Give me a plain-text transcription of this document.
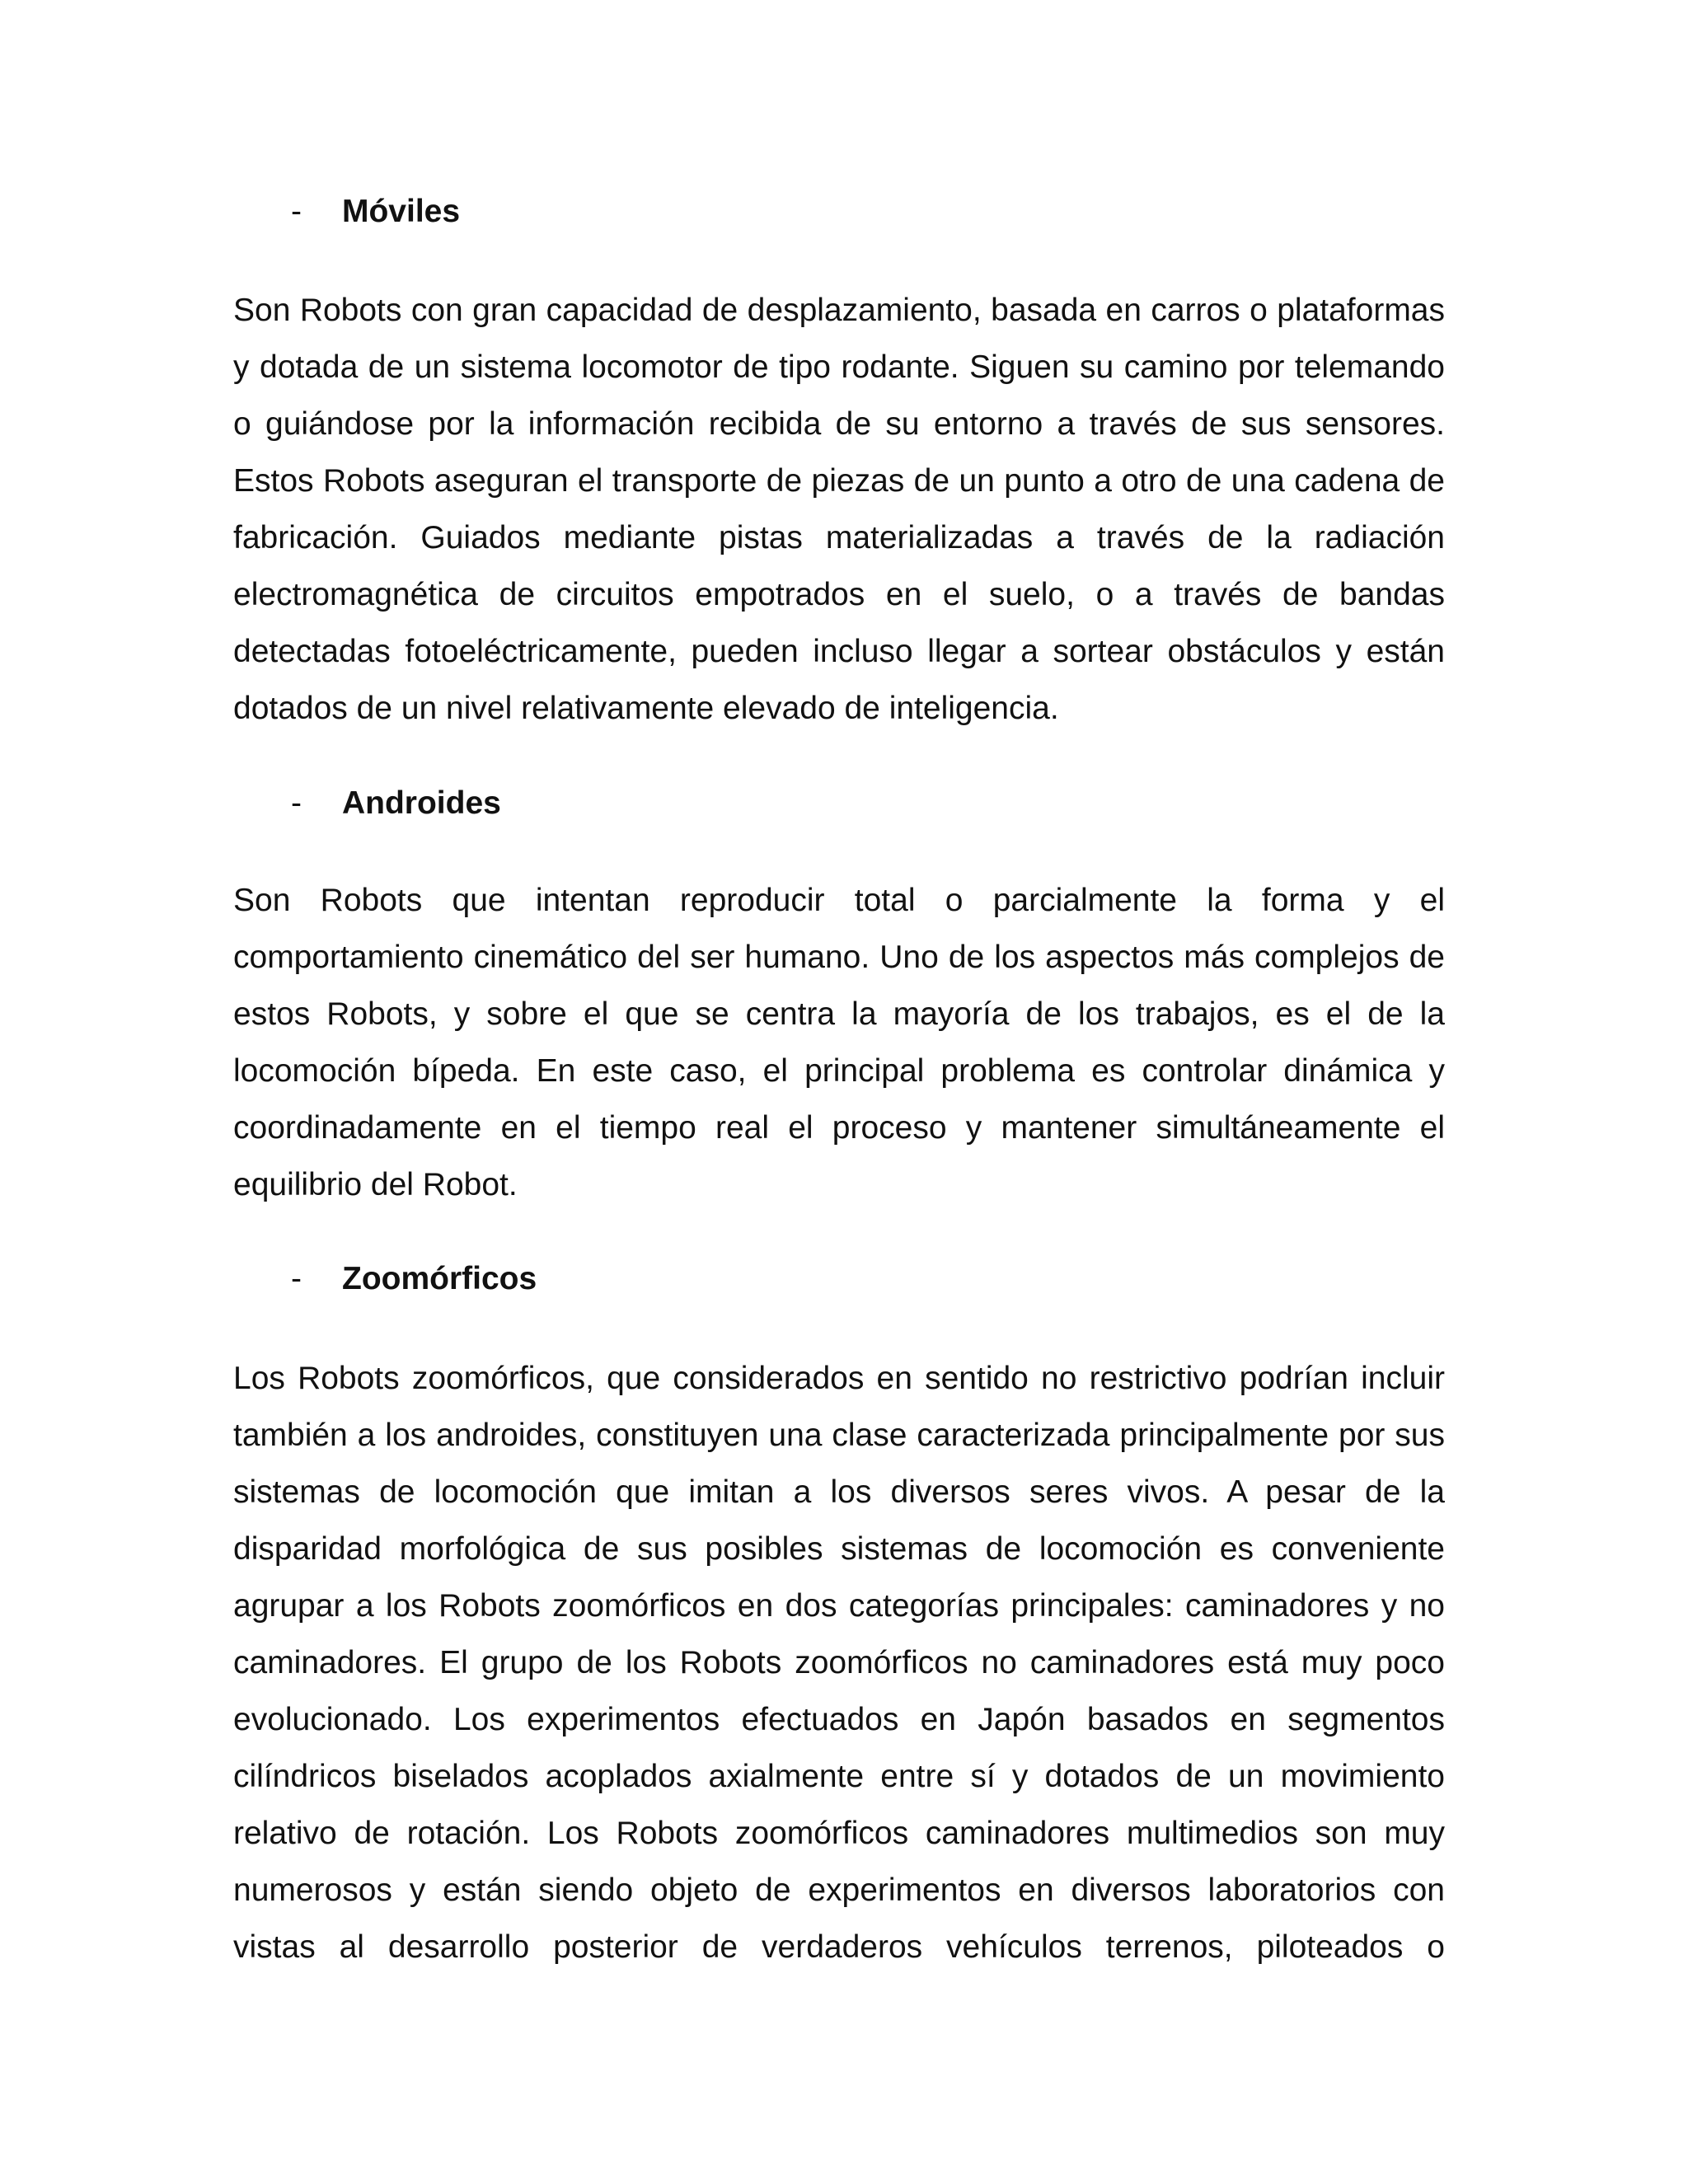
-	Móviles

Son Robots con gran capacidad de desplazamiento, basada en carros o plataformas y dotada de un sistema locomotor de tipo rodante. Siguen su camino por telemando o guiándose por la información recibida de su entorno a través de sus sensores. Estos Robots aseguran el transporte de piezas de un punto a otro de una cadena de fabricación. Guiados mediante pistas materializadas a través de la radiación electromagnética de circuitos empotrados en el suelo, o a través de bandas detectadas fotoeléctricamente, pueden incluso llegar a sortear obstáculos y están dotados de un nivel relativamente elevado de inteligencia.

-	Androides

Son Robots que intentan reproducir total o parcialmente la forma y el comportamiento cinemático del ser humano. Uno de los aspectos más complejos de estos Robots, y sobre el que se centra la mayoría de los trabajos, es el de la locomoción bípeda. En este caso, el principal problema es controlar dinámica y coordinadamente en el tiempo real el proceso y mantener simultáneamente el equilibrio del Robot.

-	Zoomórficos

Los Robots zoomórficos, que considerados en sentido no restrictivo podrían incluir también a los androides, constituyen una clase caracterizada principalmente por sus sistemas de locomoción que imitan a los diversos seres vivos. A pesar de la disparidad morfológica de sus posibles sistemas de locomoción es conveniente agrupar a los Robots zoomórficos en dos categorías principales: caminadores y no caminadores. El grupo de los Robots zoomórficos no caminadores está muy poco evolucionado. Los experimentos efectuados en Japón basados en segmentos cilíndricos biselados acoplados axialmente entre sí y dotados de un movimiento relativo de rotación. Los Robots zoomórficos caminadores multimedios son muy numerosos y están siendo objeto de experimentos en diversos laboratorios con vistas al desarrollo posterior de verdaderos vehículos terrenos, piloteados o
